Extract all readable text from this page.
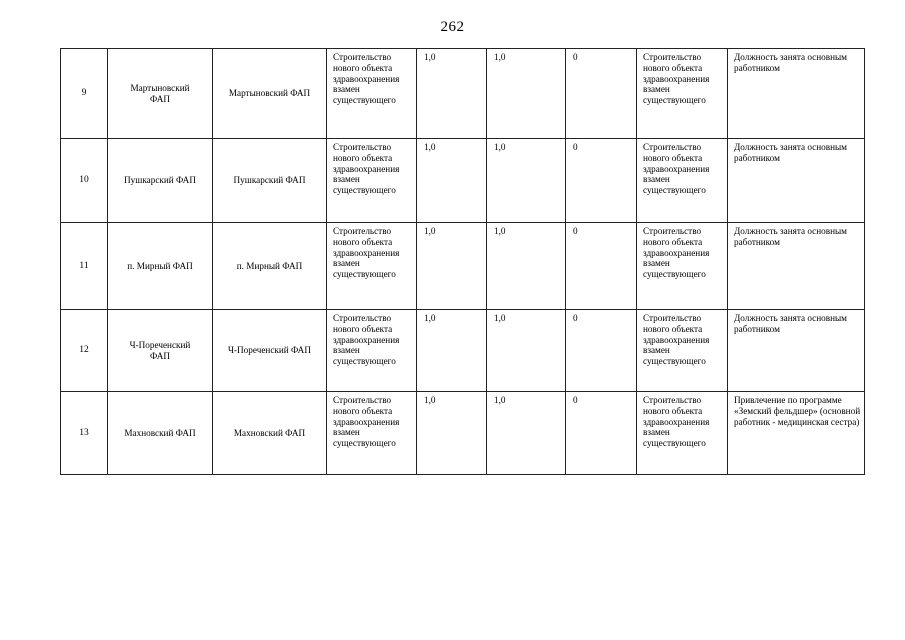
262
9	Мартыновский ФАП	Мартыновский ФАП	Строительство нового объекта здравоохранения взамен существующего	1,0	1,0	0	Строительство нового объекта здравоохранения взамен существующего	Должность занята основным работником
10	Пушкарский ФАП	Пушкарский ФАП	Строительство нового объекта здравоохранения взамен существующего	1,0	1,0	0	Строительство нового объекта здравоохранения взамен существующего	Должность занята основным работником
11	п. Мирный ФАП	п. Мирный ФАП	Строительство нового объекта здравоохранения взамен существующего	1,0	1,0	0	Строительство нового объекта здравоохранения взамен существующего	Должность занята основным работником
12	Ч-Пореченский ФАП	Ч-Пореченский ФАП	Строительство нового объекта здравоохранения взамен существующего	1,0	1,0	0	Строительство нового объекта здравоохранения взамен существующего	Должность занята основным работником
13	Махновский ФАП	Махновский ФАП	Строительство нового объекта здравоохранения взамен существующего	1,0	1,0	0	Строительство нового объекта здравоохранения взамен существующего	Привлечение по программе «Земский фельдшер» (основной работник - медицинская сестра)
